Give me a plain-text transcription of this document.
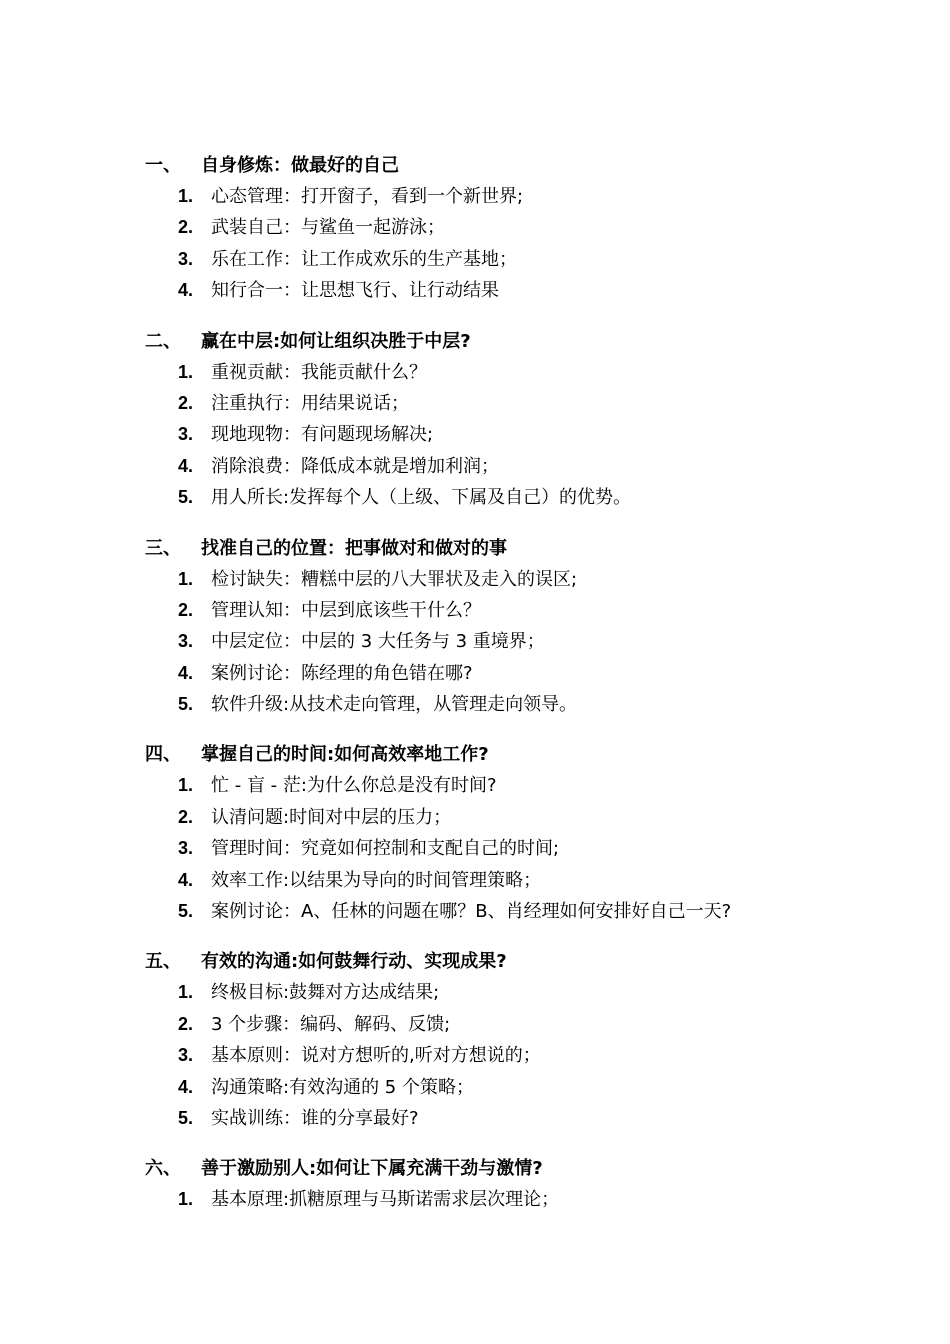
一、 自身修炼：做最好的自己
1. 心态管理：打开窗子，看到一个新世界;
2. 武装自己：与鲨鱼一起游泳；
3. 乐在工作：让工作成欢乐的生产基地；
4. 知行合一：让思想飞行、让行动结果
二、 赢在中层:如何让组织决胜于中层?
1. 重视贡献：我能贡献什么？
2. 注重执行：用结果说话；
3. 现地现物：有问题现场解决;
4. 消除浪费：降低成本就是增加利润；
5. 用人所长:发挥每个人（上级、下属及自己）的优势。
三、 找准自己的位置：把事做对和做对的事
1. 检讨缺失：糟糕中层的八大罪状及走入的误区;
2. 管理认知：中层到底该些干什么？
3. 中层定位：中层的 3 大任务与 3 重境界；
4. 案例讨论：陈经理的角色错在哪?
5. 软件升级:从技术走向管理，从管理走向领导。
四、 掌握自己的时间:如何高效率地工作?
1. 忙 - 盲 - 茫:为什么你总是没有时间?
2. 认清问题:时间对中层的压力；
3. 管理时间：究竟如何控制和支配自己的时间;
4. 效率工作:以结果为导向的时间管理策略；
5. 案例讨论：A、任林的问题在哪？B、肖经理如何安排好自己一天?
五、 有效的沟通:如何鼓舞行动、实现成果?
1. 终极目标:鼓舞对方达成结果;
2. 3 个步骤：编码、解码、反馈;
3. 基本原则：说对方想听的,听对方想说的；
4. 沟通策略:有效沟通的 5 个策略；
5. 实战训练：谁的分享最好?
六、 善于激励别人:如何让下属充满干劲与激情?
1. 基本原理:抓糖原理与马斯诺需求层次理论；
